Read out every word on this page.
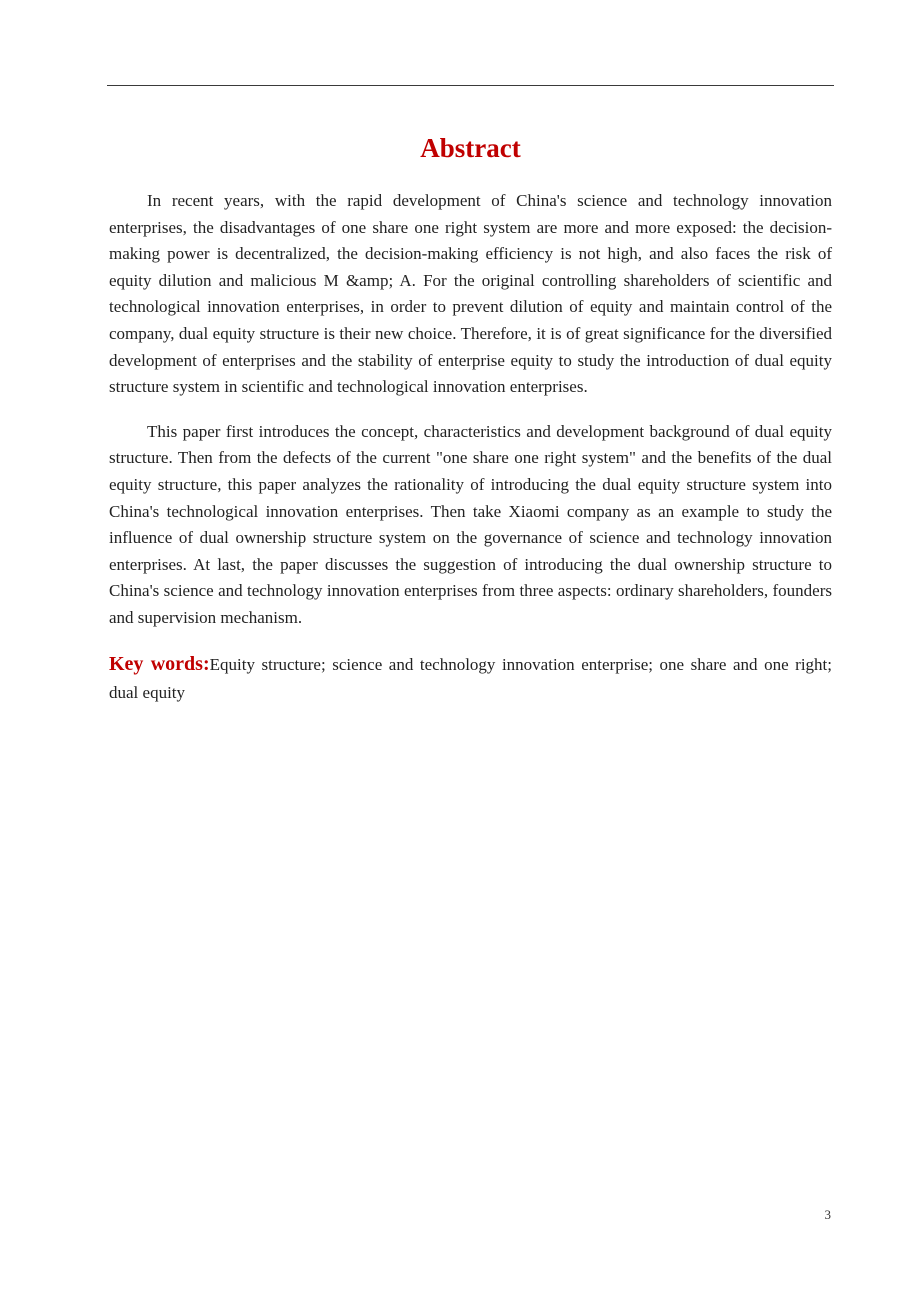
Abstract

In recent years, with the rapid development of China's science and technology innovation enterprises, the disadvantages of one share one right system are more and more exposed: the decision-making power is decentralized, the decision-making efficiency is not high, and also faces the risk of equity dilution and malicious M &amp; A. For the original controlling shareholders of scientific and technological innovation enterprises, in order to prevent dilution of equity and maintain control of the company, dual equity structure is their new choice. Therefore, it is of great significance for the diversified development of enterprises and the stability of enterprise equity to study the introduction of dual equity structure system in scientific and technological innovation enterprises.

This paper first introduces the concept, characteristics and development background of dual equity structure. Then from the defects of the current "one share one right system" and the benefits of the dual equity structure, this paper analyzes the rationality of introducing the dual equity structure system into China's technological innovation enterprises. Then take Xiaomi company as an example to study the influence of dual ownership structure system on the governance of science and technology innovation enterprises. At last, the paper discusses the suggestion of introducing the dual ownership structure to China's science and technology innovation enterprises from three aspects: ordinary shareholders, founders and supervision mechanism.

Key words:Equity structure; science and technology innovation enterprise; one share and one right; dual equity

3
